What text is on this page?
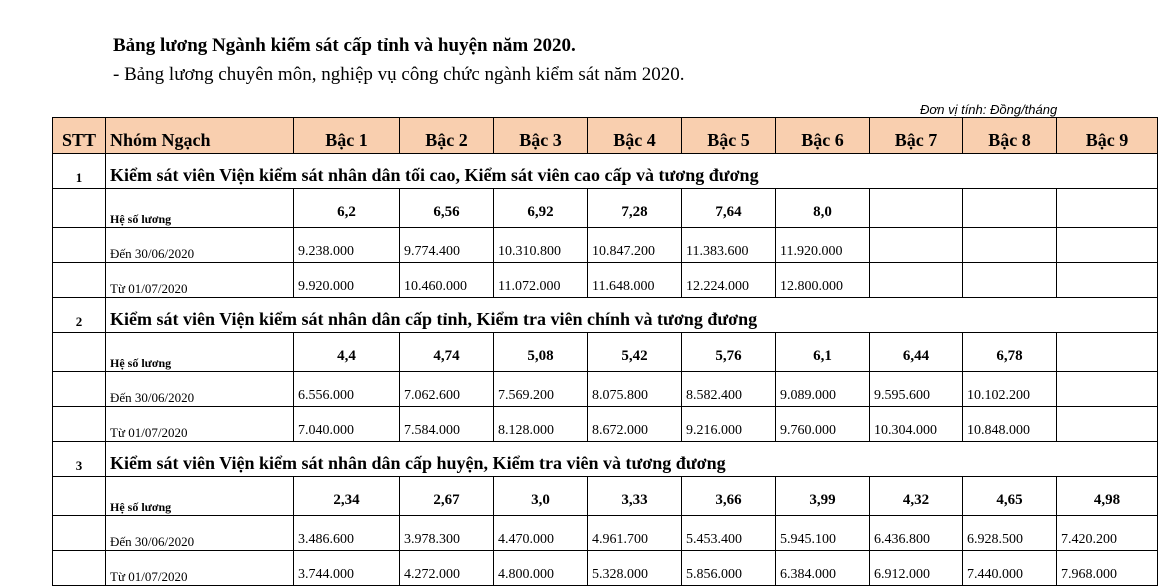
Bảng lương Ngành kiểm sát cấp tỉnh và huyện năm 2020.
- Bảng lương chuyên môn, nghiệp vụ công chức ngành kiểm sát năm 2020.
Đơn vị tính: Đồng/tháng
STT	Nhóm Ngạch	Bậc 1	Bậc 2	Bậc 3	Bậc 4	Bậc 5	Bậc 6	Bậc 7	Bậc 8	Bậc 9
1	Kiểm sát viên Viện kiểm sát nhân dân tối cao, Kiểm sát viên cao cấp và tương đương									
	Hệ số lương	6,2	6,56	6,92	7,28	7,64	8,0			
	Đến 30/06/2020	9.238.000	9.774.400	10.310.800	10.847.200	11.383.600	11.920.000			
	Từ 01/07/2020	9.920.000	10.460.000	11.072.000	11.648.000	12.224.000	12.800.000			
2	Kiểm sát viên Viện kiểm sát nhân dân cấp tỉnh, Kiểm tra viên chính và tương đương									
	Hệ số lương	4,4	4,74	5,08	5,42	5,76	6,1	6,44	6,78	
	Đến 30/06/2020	6.556.000	7.062.600	7.569.200	8.075.800	8.582.400	9.089.000	9.595.600	10.102.200	
	Từ 01/07/2020	7.040.000	7.584.000	8.128.000	8.672.000	9.216.000	9.760.000	10.304.000	10.848.000	
3	Kiểm sát viên Viện kiểm sát nhân dân cấp huyện, Kiểm tra viên và tương đương									
	Hệ số lương	2,34	2,67	3,0	3,33	3,66	3,99	4,32	4,65	4,98
	Đến 30/06/2020	3.486.600	3.978.300	4.470.000	4.961.700	5.453.400	5.945.100	6.436.800	6.928.500	7.420.200
	Từ 01/07/2020	3.744.000	4.272.000	4.800.000	5.328.000	5.856.000	6.384.000	6.912.000	7.440.000	7.968.000
